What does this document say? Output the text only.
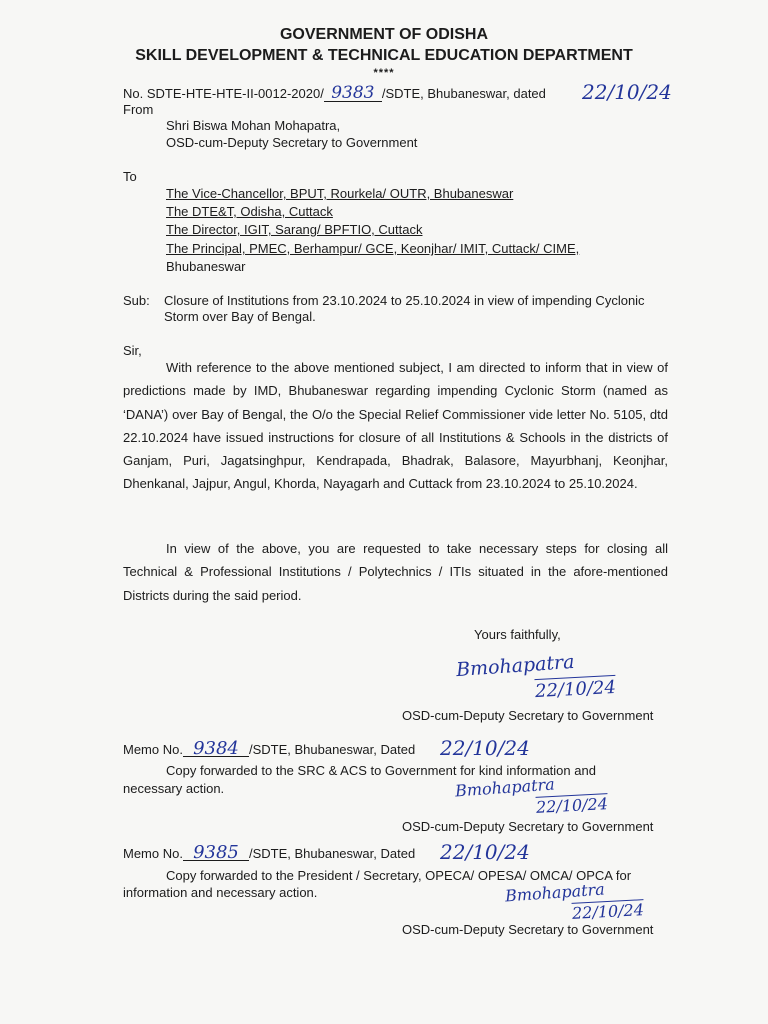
GOVERNMENT OF ODISHA
SKILL DEVELOPMENT & TECHNICAL EDUCATION DEPARTMENT
****
No. SDTE-HTE-HTE-II-0012-2020/ 9383 /SDTE, Bhubaneswar, dated 22/10/24
From
Shri Biswa Mohan Mohapatra,
OSD-cum-Deputy Secretary to Government
To
The Vice-Chancellor, BPUT, Rourkela/ OUTR, Bhubaneswar
The DTE&T, Odisha, Cuttack
The Director, IGIT, Sarang/ BPFTIO, Cuttack
The Principal, PMEC, Berhampur/ GCE, Keonjhar/ IMIT, Cuttack/ CIME,
Bhubaneswar
Sub: Closure of Institutions from 23.10.2024 to 25.10.2024 in view of impending Cyclonic
Storm over Bay of Bengal.
Sir,

With reference to the above mentioned subject, I am directed to inform that in view of predictions made by IMD, Bhubaneswar regarding impending Cyclonic Storm (named as ‘DANA’) over Bay of Bengal, the O/o the Special Relief Commissioner vide letter No. 5105, dtd 22.10.2024 have issued instructions for closure of all Institutions & Schools in the districts of Ganjam, Puri, Jagatsinghpur, Kendrapada, Bhadrak, Balasore, Mayurbhanj, Keonjhar, Dhenkanal, Jajpur, Angul, Khorda, Nayagarh and Cuttack from 23.10.2024 to 25.10.2024.

In view of the above, you are requested to take necessary steps for closing all Technical & Professional Institutions / Polytechnics / ITIs situated in the afore-mentioned Districts during the said period.

Yours faithfully,
Bmohapatra
22/10/24
OSD-cum-Deputy Secretary to Government
Memo No. 9384 /SDTE, Bhubaneswar, Dated 22/10/24
Copy forwarded to the SRC & ACS to Government for kind information and
necessary action.	Bmohapatra
22/10/24
OSD-cum-Deputy Secretary to Government
Memo No. 9385 /SDTE, Bhubaneswar, Dated 22/10/24
Copy forwarded to the President / Secretary, OPECA/ OPESA/ OMCA/ OPCA for
information and necessary action.	Bmohapatra
22/10/24
OSD-cum-Deputy Secretary to Government
